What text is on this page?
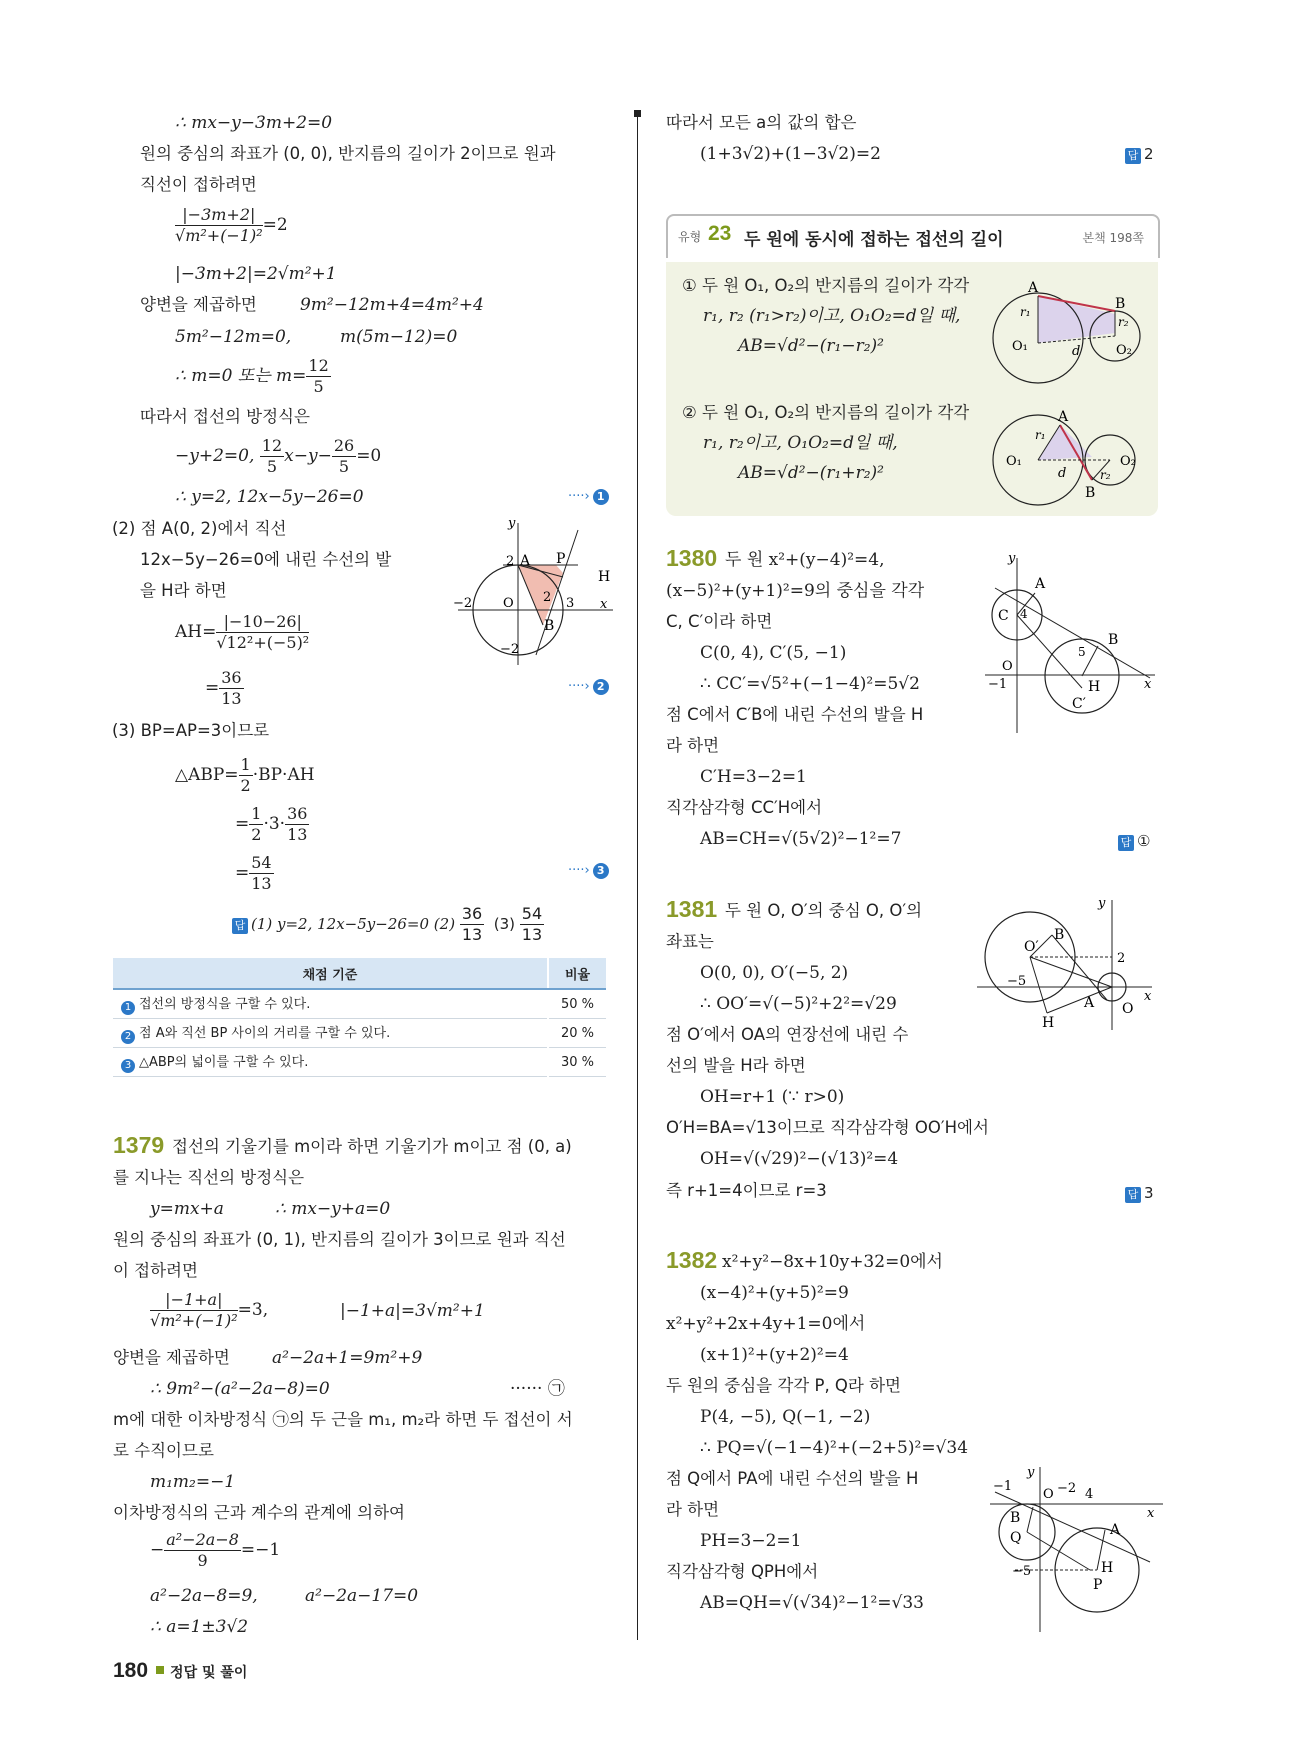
∴ mx−y−3m+2=0
원의 중심의 좌표가 (0, 0), 반지름의 길이가 2이므로 원과
직선이 접하려면
$\frac{|-3m+2|}{\text{√m²+(−1)²}} =2$
|−3m+2|=2√m²+1
양변을 제곱하면	9m²−12m+4=4m²+4
5m²−12m=0,	m(5m−12)=0
∴ m=0 또는 $m= \frac{12}{5}$
따라서 접선의 방정식은
−y+2=0, $\frac{12}{5} x-y- \frac{26}{5} =0$
∴ y=2, 12x−5y−26=0	····› 1
(2) 점 A(0, 2)에서 직선
12x−5y−26=0에 내린 수선의 발
을 H라 하면
$AH= \frac{|-10-26|}{\text{√12²+(−5)²}}$
= $\frac{36}{13}$	····› 2
(3) BP=AP=3이므로
△ABP= $\frac{1}{2} \cdot BP\cdot AH$
= $\frac{1}{2} \cdot 3\cdot \frac{36}{13}$
= $\frac{54}{13}$	····› 3
답 (1) y=2, 12x−5y−26=0 $(2) \frac{36}{13} (3) \frac{54}{13}$
y
2 A P
H
−2 O 2 3 x
B
−2
채점 기준	비율
1 접선의 방정식을 구할 수 있다.	50 %
2 점 A와 직선 BP 사이의 거리를 구할 수 있다.	20 %
3 △ABP의 넓이를 구할 수 있다.	30 %
1379 접선의 기울기를 m이라 하면 기울기가 m이고 점 (0, a)
를 지나는 직선의 방정식은
y=mx+a	∴ mx−y+a=0
원의 중심의 좌표가 (0, 1), 반지름의 길이가 3이므로 원과 직선
이 접하려면
$\frac{|-1+a|}{\text{√m²+(−1)²}} =3$,	|−1+a|=3√m²+1
양변을 제곱하면 a²−2a+1=9m²+9
∴ 9m²−(a²−2a−8)=0	······ ㉠
m에 대한 이차방정식 ㉠의 두 근을 m₁, m₂라 하면 두 접선이 서
로 수직이므로
m₁m₂=−1
이차방정식의 근과 계수의 관계에 의하여
− $\frac{\text{a²−2a−8}}{9} =-1$
a²−2a−8=9,	a²−2a−17=0
∴ a=1±3√2
따라서 모든 a의 값의 합은
(1+3√2)+(1−3√2)=2	답 2
유형 23 두 원에 동시에 접하는 접선의 길이	본책 198쪽
① 두 원 O₁, O₂의 반지름의 길이가 각각
r₁, r₂ (r₁>r₂)이고, O₁O₂=d일 때,
AB=√d²−(r₁−r₂)²
② 두 원 O₁, O₂의 반지름의 길이가 각각
r₁, r₂이고, O₁O₂=d일 때,
AB=√d²−(r₁+r₂)²
A
B
r₁
r₂
O₁	O₂
d
A
B
r₁
r₂
O₁	O₂
d
1380 두 원 x²+(y−4)²=4,
(x−5)²+(y+1)²=9의 중심을 각각
C, C′이라 하면
C(0, 4), C′(5, −1)
∴ CC′=√5²+(−1−4)²=5√2
점 C에서 C′B에 내린 수선의 발을 H
라 하면
C′H=3−2=1
직각삼각형 CC′H에서
AB=CH=√(5√2)²−1²=7	답 ①
y
A
C 4
O
B
5
−1	H
C′
x
1381 두 원 O, O′의 중심 O, O′의
좌표는
O(0, 0), O′(−5, 2)
∴ OO′=√(−5)²+2²=√29
점 O′에서 OA의 연장선에 내린 수
선의 발을 H라 하면
OH=r+1 (∵ r>0)
O′H=BA=√13이므로 직각삼각형 OO′H에서
OH=√(√29)²−(√13)²=4
즉 r+1=4이므로 r=3	답 3
y
O′
B
2
−5
A
H
O
x
1382 x²+y²−8x+10y+32=0에서
(x−4)²+(y+5)²=9
x²+y²+2x+4y+1=0에서
(x+1)²+(y+2)²=4
두 원의 중심을 각각 P, Q라 하면
P(4, −5), Q(−1, −2)
∴ PQ=√(−1−4)²+(−2+5)²=√34
점 Q에서 PA에 내린 수선의 발을 H
라 하면
PH=3−2=1
직각삼각형 QPH에서
AB=QH=√(√34)²−1²=√33
y
−1
O −2 4
x
B
Q	A
−5	H
P
180 정답 및 풀이
